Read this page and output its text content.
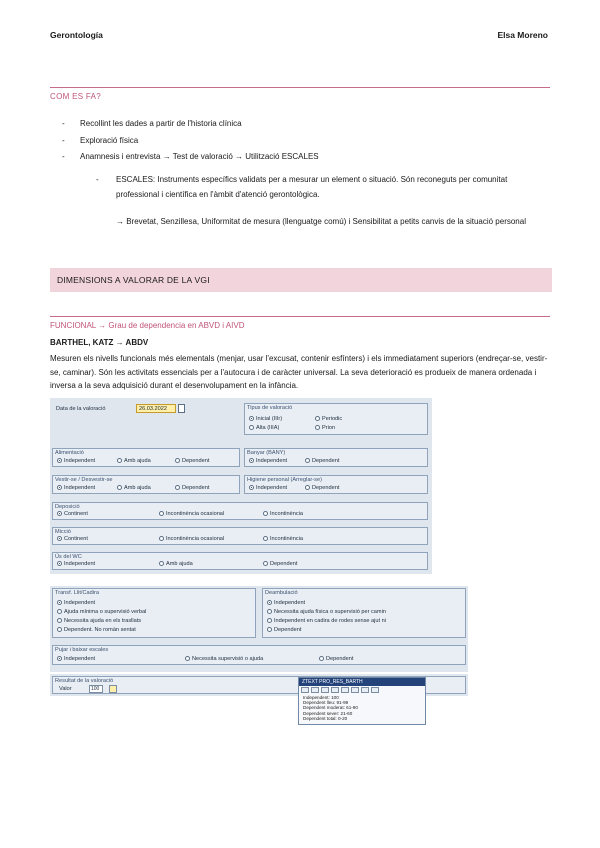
Gerontología	Elsa Moreno
COM ES FA?
- Recollint les dades a partir de l'historia clínica
- Exploració física
- Anamnesis i entrevista → Test de valoració → Utilització ESCALES
-	ESCALES: Instruments específics validats per a mesurar un element o situació. Són reconeguts per comunitat professional i científica en l'àmbit d'atenció gerontològica.
→ Brevetat, Senzillesa, Uniformitat de mesura (llenguatge comú) i Sensibilitat a petits canvis de la situació personal
DIMENSIONS A VALORAR DE LA VGI
FUNCIONAL → Grau de dependencia en ABVD i AIVD
BARTHEL, KATZ → ABDV
Mesuren els nivells funcionals més elementals (menjar, usar l'excusat, contenir esfínters) i els immediatament superiors (endreçar-se, vestir-se, caminar). Són les activitats essencials per a l'autocura i de caràcter universal. La seva deterioració es produeix de manera ordenada i inversa a la seva adquisició durant el desenvolupament en la infància.
Data de la valoració	26.03.2022	Tipus de valoració
Inicial (IIIr)	Periodic
Alta (IIIA)	Prion
Alimentació
Independent	Amb ajuda	Dependent
Banyar (BANY)
Independent	Dependent
Vestir-se / Desvestir-se
Independent	Amb ajuda	Dependent
Higiene personal (Arreglar-se)
Independent	Dependent
Deposició
Continent	Incontinència ocasional	Incontinència
Micció
Continent	Incontinència ocasional	Incontinència
Ús del WC
Independent	Amb ajuda	Dependent
Transf. Llit/Cadira
Independent
Ajuda mínima o supervisió verbal
Necessita ajuda en els trasllats
Dependent. No romàn sentat
Deambulació
Independent
Necessita ajuda física o supervisió per camin
Independent en cadira de rodes sense ajut ni
Dependent
Pujar i baixar escales
Independent	Necessita supervisió o ajuda	Dependent
Resultat de la valoració
Valor	100
ZTEXT PRO_RES_BARTH
Independent: 100
Dependent lleu: 91-99
Dependent moderat: 61-90
Dependent sever: 21-60
Dependent total: 0-20
